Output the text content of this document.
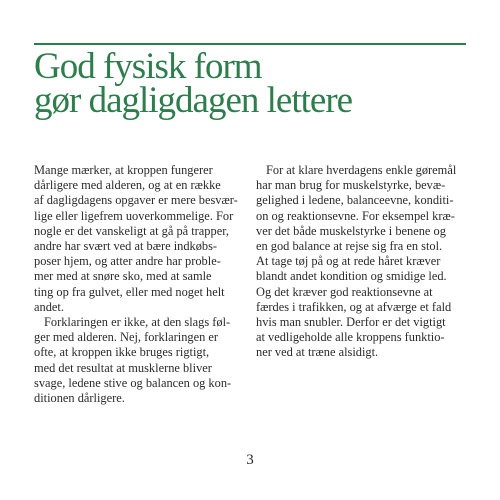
God fysisk form
gør dagligdagen lettere
Mange mærker, at kroppen fungerer
dårligere med alderen, og at en række
af dagligdagens opgaver er mere besvær-
lige eller ligefrem uoverkommelige. For
nogle er det vanskeligt at gå på trapper,
andre har svært ved at bære indkøbs-
poser hjem, og atter andre har proble-
mer med at snøre sko, med at samle
ting op fra gulvet, eller med noget helt
andet.
Forklaringen er ikke, at den slags føl-
ger med alderen. Nej, forklaringen er
ofte, at kroppen ikke bruges rigtigt,
med det resultat at musklerne bliver
svage, ledene stive og balancen og kon-
ditionen dårligere.
For at klare hverdagens enkle gøremål
har man brug for muskelstyrke, bevæ-
gelighed i ledene, balanceevne, konditi-
on og reaktionsevne. For eksempel kræ-
ver det både muskelstyrke i benene og
en god balance at rejse sig fra en stol.
At tage tøj på og at rede håret kræver
blandt andet kondition og smidige led.
Og det kræver god reaktionsevne at
færdes i trafikken, og at afværge et fald
hvis man snubler. Derfor er det vigtigt
at vedligeholde alle kroppens funktio-
ner ved at træne alsidigt.
3
